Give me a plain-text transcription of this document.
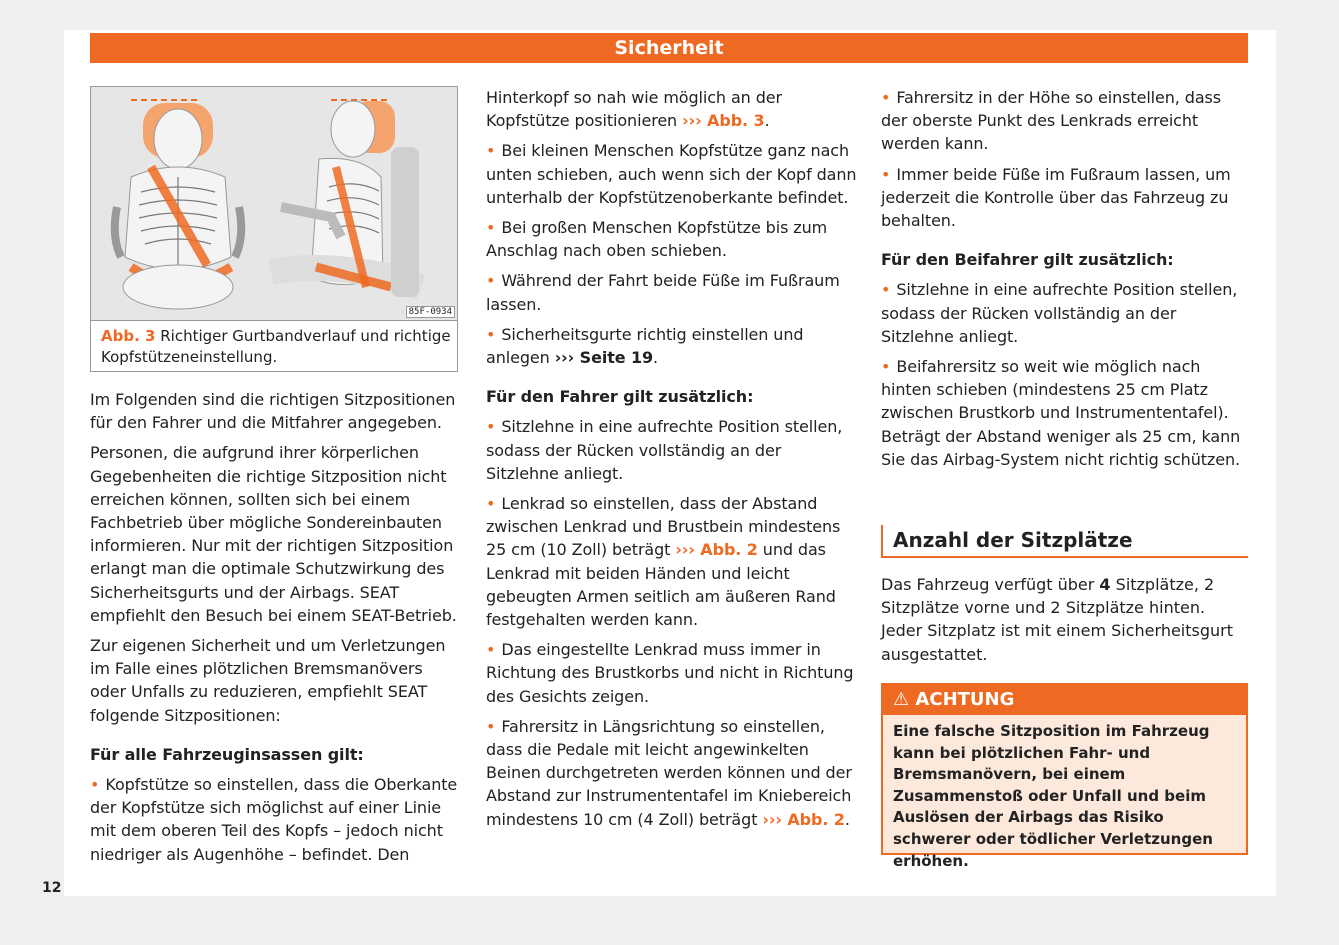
Sicherheit
85F-0934
Abb. 3 Richtiger Gurtbandverlauf und richtige Kopfstützeneinstellung.

Im Folgenden sind die richtigen Sitzpositionen für den Fahrer und die Mitfahrer angegeben.

Personen, die aufgrund ihrer körperlichen Gegebenheiten die richtige Sitzposition nicht erreichen können, sollten sich bei einem Fachbetrieb über mögliche Sondereinbauten informieren. Nur mit der richtigen Sitzposition erlangt man die optimale Schutzwirkung des Sicherheitsgurts und der Airbags. SEAT empfiehlt den Besuch bei einem SEAT-Betrieb.

Zur eigenen Sicherheit und um Verletzungen im Falle eines plötzlichen Bremsmanövers oder Unfalls zu reduzieren, empfiehlt SEAT folgende Sitzpositionen:

Für alle Fahrzeuginsassen gilt:

• Kopfstütze so einstellen, dass die Oberkante der Kopfstütze sich möglichst auf einer Linie mit dem oberen Teil des Kopfs – jedoch nicht niedriger als Augenhöhe – befindet. Den

Hinterkopf so nah wie möglich an der Kopfstütze positionieren ››› Abb. 3.

• Bei kleinen Menschen Kopfstütze ganz nach unten schieben, auch wenn sich der Kopf dann unterhalb der Kopfstützenoberkante befindet.

• Bei großen Menschen Kopfstütze bis zum Anschlag nach oben schieben.

• Während der Fahrt beide Füße im Fußraum lassen.

• Sicherheitsgurte richtig einstellen und anlegen ››› Seite 19.

Für den Fahrer gilt zusätzlich:

• Sitzlehne in eine aufrechte Position stellen, sodass der Rücken vollständig an der Sitzlehne anliegt.

• Lenkrad so einstellen, dass der Abstand zwischen Lenkrad und Brustbein mindestens 25 cm (10 Zoll) beträgt ››› Abb. 2 und das Lenkrad mit beiden Händen und leicht gebeugten Armen seitlich am äußeren Rand festgehalten werden kann.

• Das eingestellte Lenkrad muss immer in Richtung des Brustkorbs und nicht in Richtung des Gesichts zeigen.

• Fahrersitz in Längsrichtung so einstellen, dass die Pedale mit leicht angewinkelten Beinen durchgetreten werden können und der Abstand zur Instrumententafel im Kniebereich mindestens 10 cm (4 Zoll) beträgt ››› Abb. 2.

• Fahrersitz in der Höhe so einstellen, dass der oberste Punkt des Lenkrads erreicht werden kann.

• Immer beide Füße im Fußraum lassen, um jederzeit die Kontrolle über das Fahrzeug zu behalten.

Für den Beifahrer gilt zusätzlich:

• Sitzlehne in eine aufrechte Position stellen, sodass der Rücken vollständig an der Sitzlehne anliegt.

• Beifahrersitz so weit wie möglich nach hinten schieben (mindestens 25 cm Platz zwischen Brustkorb und Instrumententafel). Beträgt der Abstand weniger als 25 cm, kann Sie das Airbag-System nicht richtig schützen.

Anzahl der Sitzplätze
Das Fahrzeug verfügt über 4 Sitzplätze, 2 Sitzplätze vorne und 2 Sitzplätze hinten. Jeder Sitzplatz ist mit einem Sicherheitsgurt ausgestattet.
⚠ ACHTUNG
Eine falsche Sitzposition im Fahrzeug kann bei plötzlichen Fahr- und Bremsmanövern, bei einem Zusammenstoß oder Unfall und beim Auslösen der Airbags das Risiko schwerer oder tödlicher Verletzungen erhöhen.
12
